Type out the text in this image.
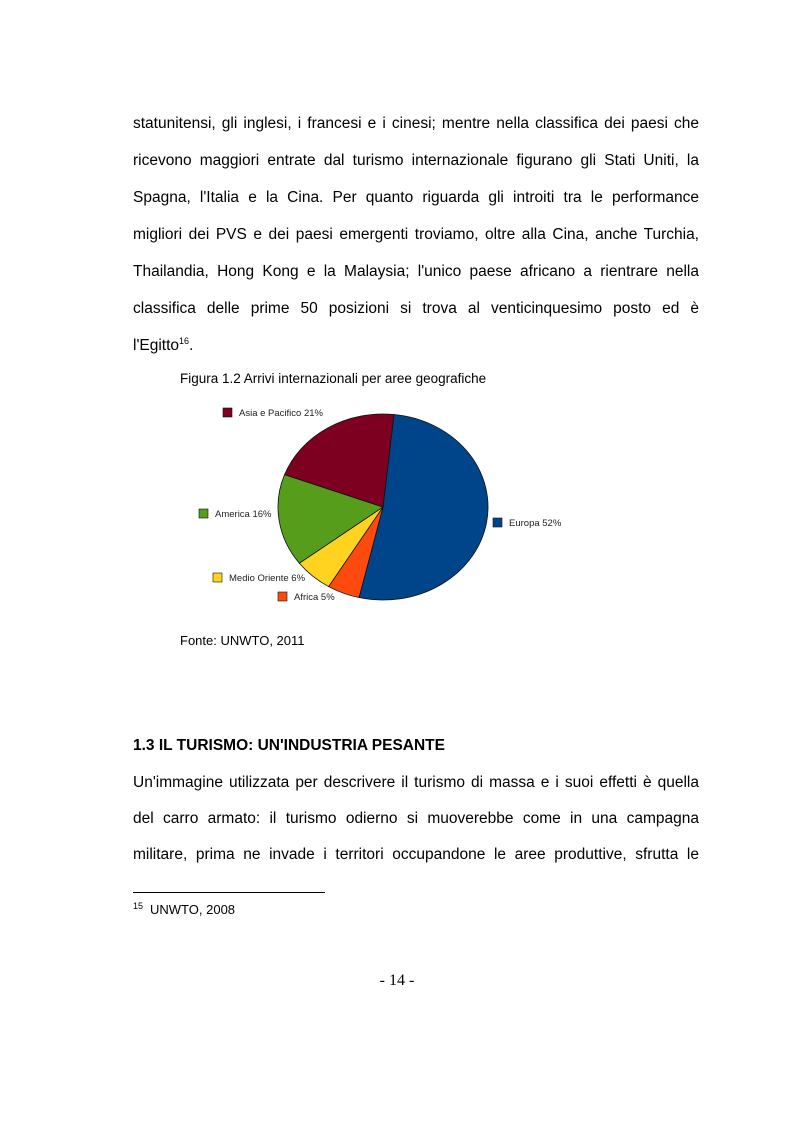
statunitensi, gli inglesi, i francesi e i cinesi; mentre nella classifica dei paesi che
ricevono maggiori entrate dal turismo internazionale figurano gli Stati Uniti, la
Spagna, l'Italia e la Cina. Per quanto riguarda gli introiti tra le performance
migliori dei PVS e dei paesi emergenti troviamo, oltre alla Cina, anche Turchia,
Thailandia, Hong Kong e la Malaysia; l'unico paese africano a rientrare nella
classifica delle prime 50 posizioni si trova al venticinquesimo posto ed è
l'Egitto$^{16}$.
Figura 1.2 Arrivi internazionali per aree geografiche
Europa 52%
Africa 5%
Medio Oriente 6%
America 16%
Asia e Pacifico 21%
Fonte: UNWTO, 2011
1.3 IL TURISMO: UN'INDUSTRIA PESANTE
Un'immagine utilizzata per descrivere il turismo di massa e i suoi effetti è quella
del carro armato: il turismo odierno si muoverebbe come in una campagna
militare, prima ne invade i territori occupandone le aree produttive, sfrutta le
$^{15}$ UNWTO, 2008
- 14 -
